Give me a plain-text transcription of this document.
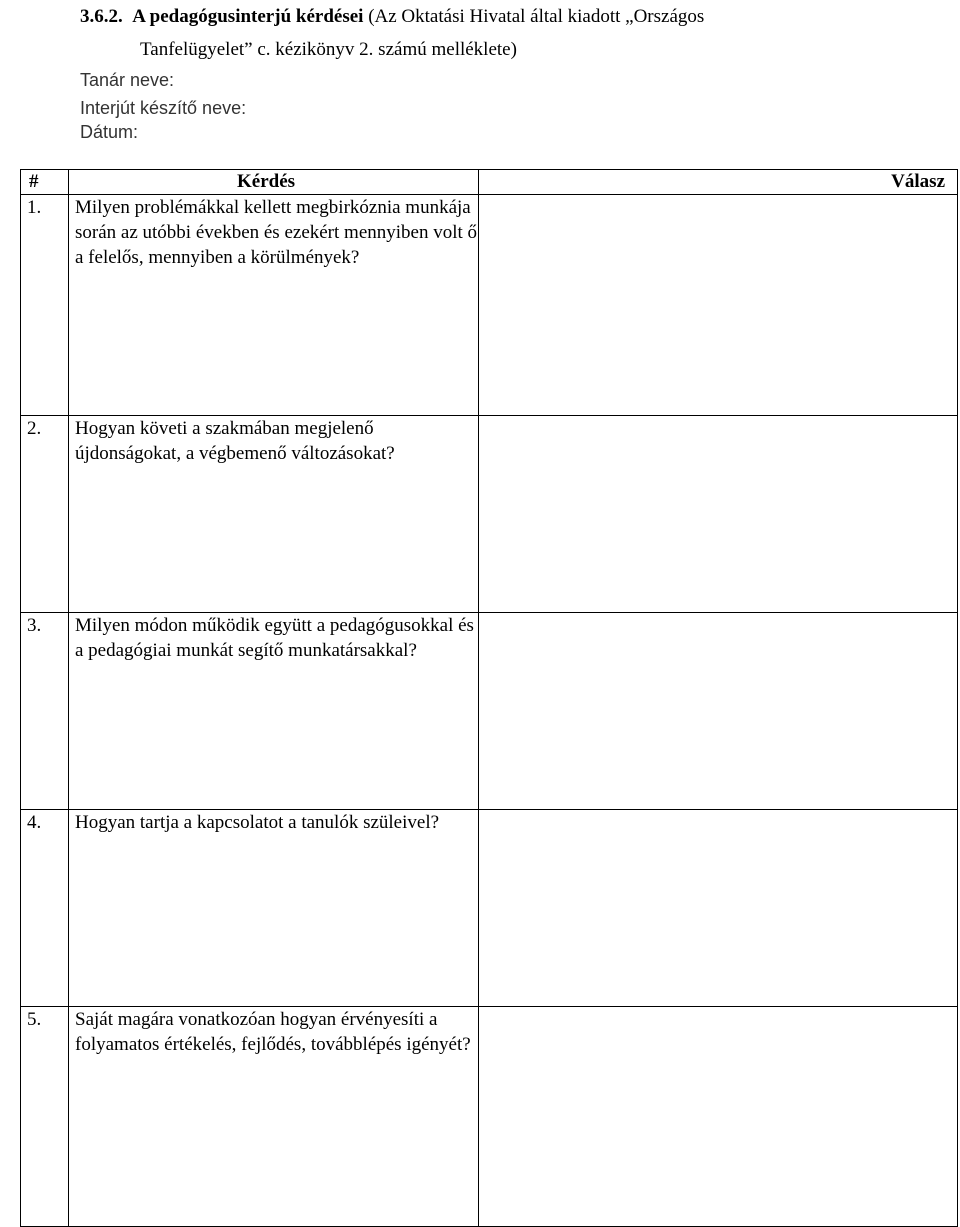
3.6.2. A pedagógusinterjú kérdései (Az Oktatási Hivatal által kiadott „Országos
Tanfelügyelet” c. kézikönyv 2. számú melléklete)
Tanár neve:
Interjút készítő neve:
Dátum:
#	Kérdés	Válasz
1.	Milyen problémákkal kellett megbirkóznia munkája során az utóbbi években és ezekért mennyiben volt ő a felelős, mennyiben a körülmények?	
2.	Hogyan követi a szakmában megjelenő újdonságokat, a végbemenő változásokat?	
3.	Milyen módon működik együtt a pedagógusokkal és a pedagógiai munkát segítő munkatársakkal?	
4.	Hogyan tartja a kapcsolatot a tanulók szüleivel?	
5.	Saját magára vonatkozóan hogyan érvényesíti a folyamatos értékelés, fejlődés, továbblépés igényét?	
